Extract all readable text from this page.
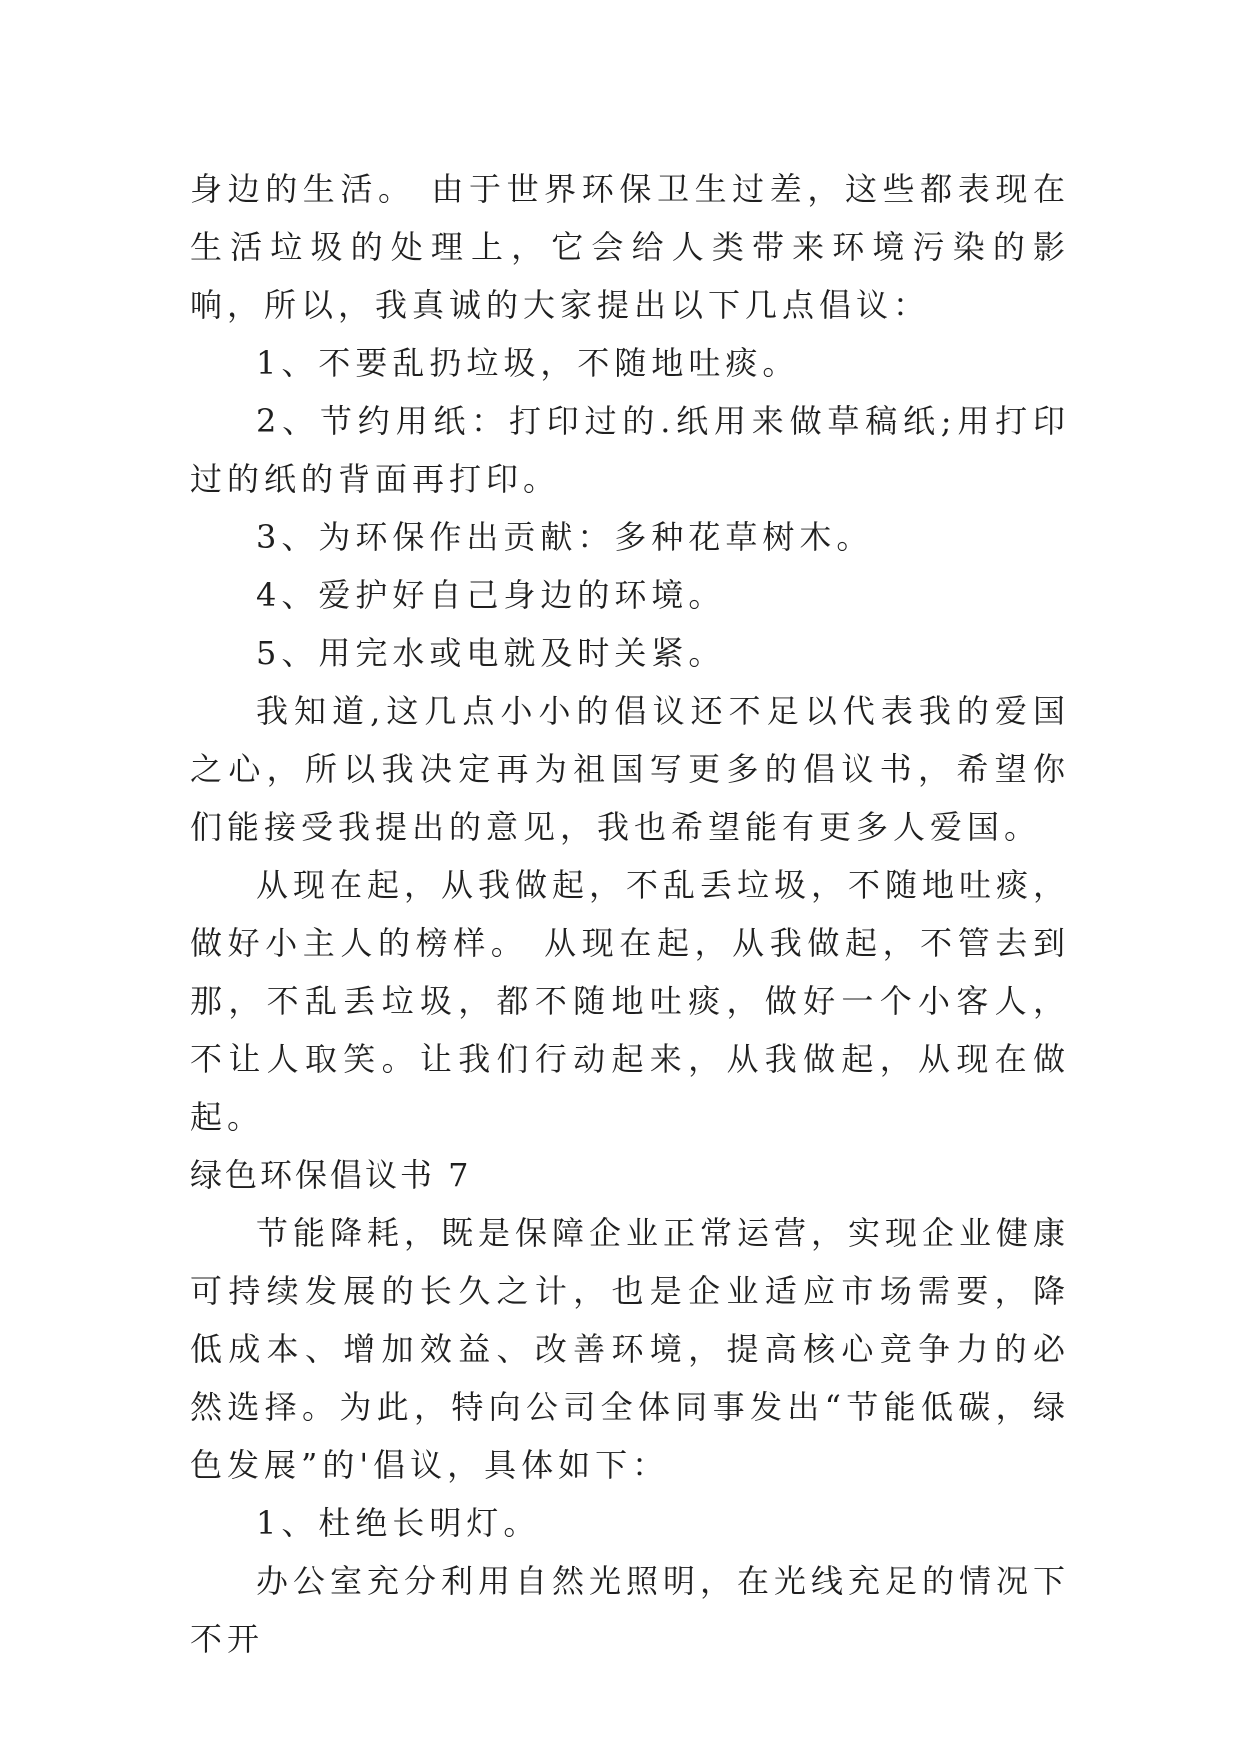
身边的生活。 由于世界环保卫生过差，这些都表现在生活垃圾的处理上，它会给人类带来环境污染的影响，所以，我真诚的大家提出以下几点倡议：

1、不要乱扔垃圾，不随地吐痰。

2、节约用纸：打印过的.纸用来做草稿纸;用打印过的纸的背面再打印。

3、为环保作出贡献：多种花草树木。

4、爱护好自己身边的环境。

5、用完水或电就及时关紧。

我知道,这几点小小的倡议还不足以代表我的爱国之心，所以我决定再为祖国写更多的倡议书，希望你们能接受我提出的意见，我也希望能有更多人爱国。

从现在起，从我做起，不乱丢垃圾，不随地吐痰，做好小主人的榜样。 从现在起，从我做起，不管去到那，不乱丢垃圾，都不随地吐痰，做好一个小客人，不让人取笑。让我们行动起来，从我做起，从现在做起。

绿色环保倡议书 7

节能降耗，既是保障企业正常运营，实现企业健康可持续发展的长久之计，也是企业适应市场需要，降低成本、增加效益、改善环境，提高核心竞争力的必然选择。为此，特向公司全体同事发出“节能低碳，绿色发展”的'倡议，具体如下：

1、杜绝长明灯。

办公室充分利用自然光照明，在光线充足的情况下不开
